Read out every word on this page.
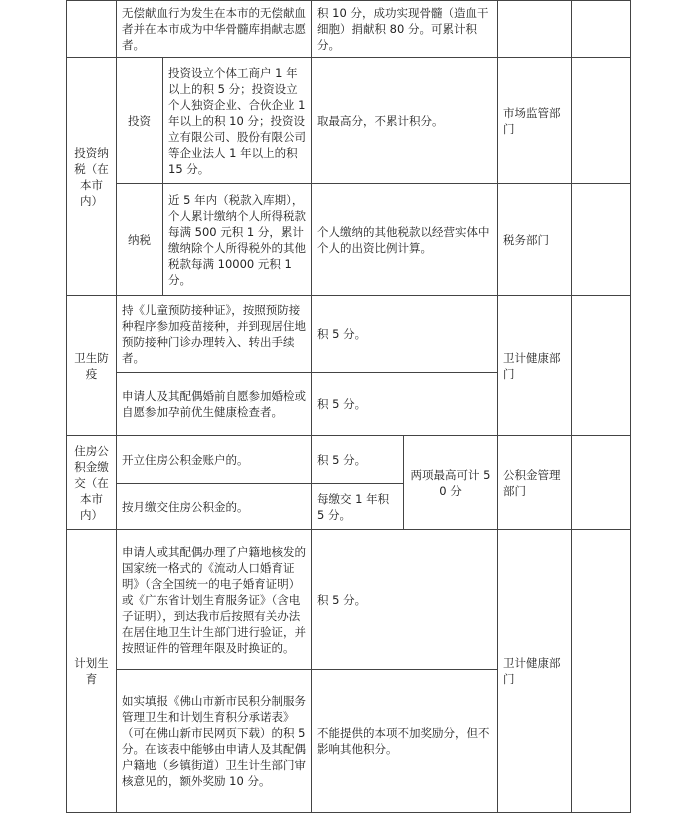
	无偿献血行为发生在本市的无偿献血者并在本市成为中华骨髓库捐献志愿者。		积 10 分，成功实现骨髓（造血干细胞）捐献积 80 分。可累计积分。			
投资纳税（在本市内）	投资	投资设立个体工商户 1 年以上的积 5 分；投资设立个人独资企业、合伙企业 1 年以上的积 10 分；投资设立有限公司、股份有限公司等企业法人 1 年以上的积 15 分。	取最高分，不累计积分。		市场监管部门	
	纳税	近 5 年内（税款入库期），个人累计缴纳个人所得税款每满 500 元积 1 分，累计缴纳除个人所得税外的其他税款每满 10000 元积 1 分。	个人缴纳的其他税款以经营实体中个人的出资比例计算。		税务部门	
卫生防疫	持《儿童预防接种证》，按照预防接种程序参加疫苗接种，并到现居住地预防接种门诊办理转入、转出手续者。		积 5 分。		卫计健康部门	
	申请人及其配偶婚前自愿参加婚检或自愿参加孕前优生健康检查者。		积 5 分。			
住房公积金缴交（在本市内）	开立住房公积金账户的。		积 5 分。	两项最高可计 50 分	公积金管理部门	
	按月缴交住房公积金的。		每缴交 1 年积 5 分。			
计划生育	申请人或其配偶办理了户籍地核发的国家统一格式的《流动人口婚育证明》（含全国统一的电子婚育证明）或《广东省计划生育服务证》（含电子证明），到达我市后按照有关办法在居住地卫生计生部门进行验证，并按照证件的管理年限及时换证的。		积 5 分。		卫计健康部门	
	如实填报《佛山市新市民积分制服务管理卫生和计划生育积分承诺表》（可在佛山新市民网页下载）的积 5 分。在该表中能够由申请人及其配偶户籍地（乡镇街道）卫生计生部门审核意见的，额外奖励 10 分。		不能提供的本项不加奖励分，但不影响其他积分。			
